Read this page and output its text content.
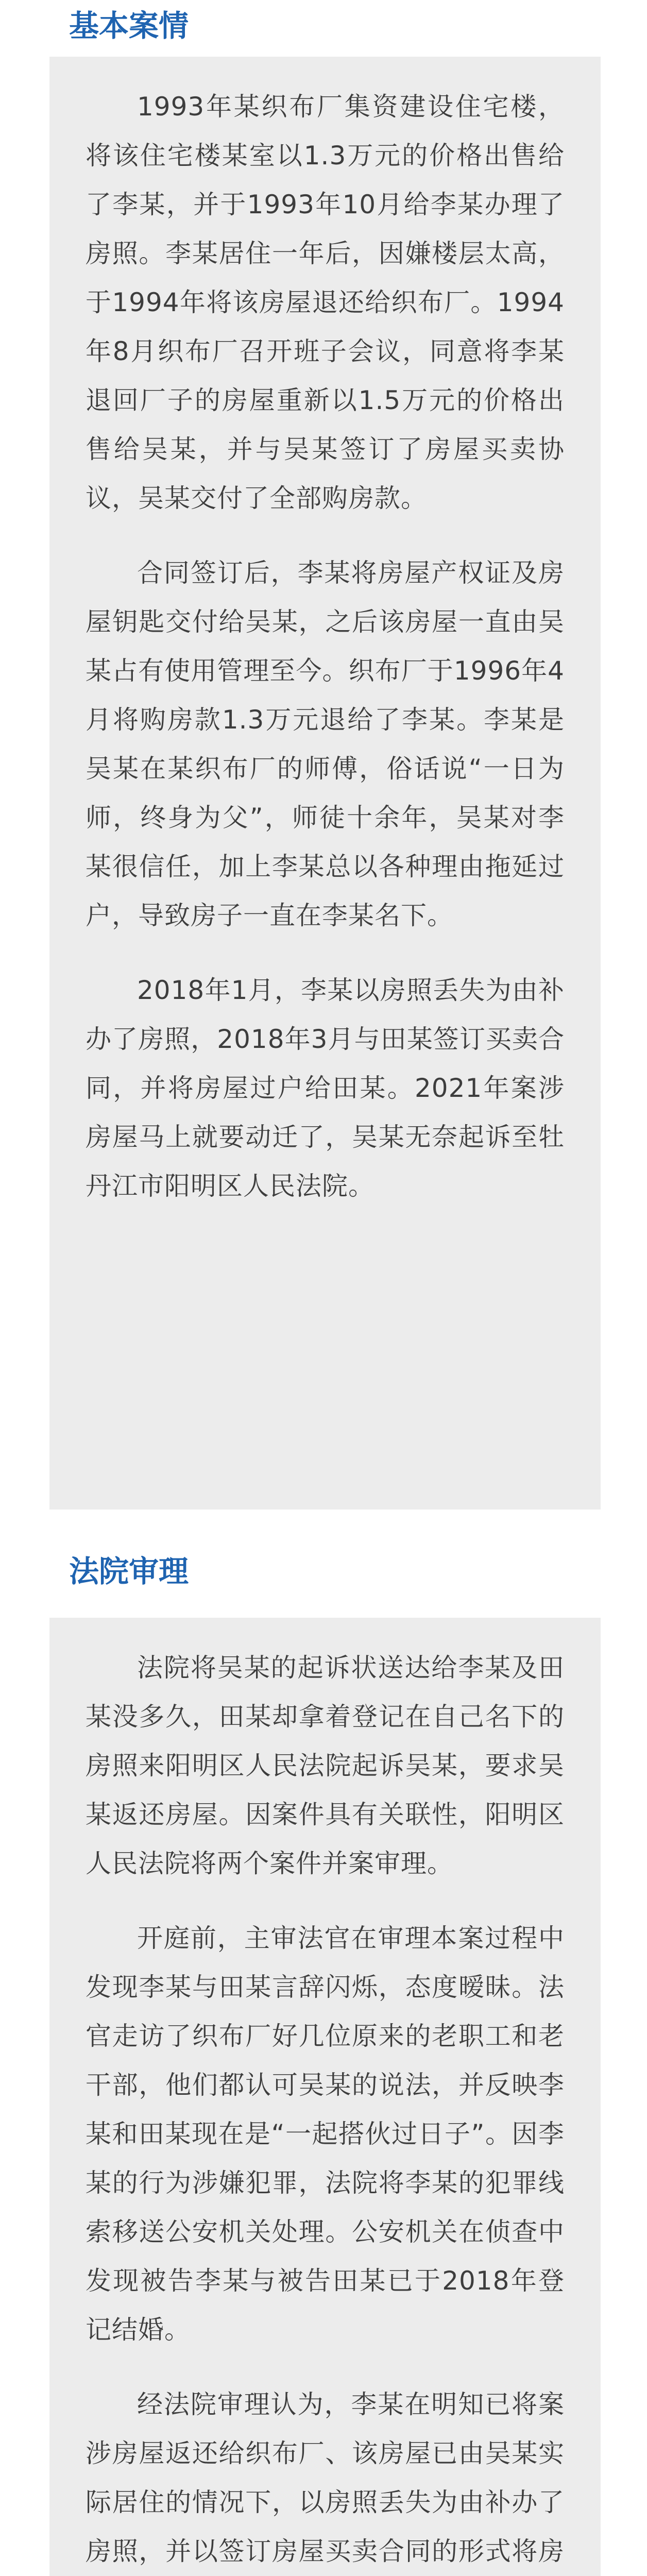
基本案情

1993年某织布厂集资建设住宅楼，将该住宅楼某室以1.3万元的价格出售给了李某，并于1993年10月给李某办理了房照。李某居住一年后，因嫌楼层太高，于1994年将该房屋退还给织布厂。1994年8月织布厂召开班子会议，同意将李某退回厂子的房屋重新以1.5万元的价格出售给吴某，并与吴某签订了房屋买卖协议，吴某交付了全部购房款。

合同签订后，李某将房屋产权证及房屋钥匙交付给吴某，之后该房屋一直由吴某占有使用管理至今。织布厂于1996年4月将购房款1.3万元退给了李某。李某是吴某在某织布厂的师傅，俗话说“一日为师，终身为父”，师徒十余年，吴某对李某很信任，加上李某总以各种理由拖延过户，导致房子一直在李某名下。

2018年1月，李某以房照丢失为由补办了房照，2018年3月与田某签订买卖合同，并将房屋过户给田某。2021年案涉房屋马上就要动迁了，吴某无奈起诉至牡丹江市阳明区人民法院。

法院审理

法院将吴某的起诉状送达给李某及田某没多久，田某却拿着登记在自己名下的房照来阳明区人民法院起诉吴某，要求吴某返还房屋。因案件具有关联性，阳明区人民法院将两个案件并案审理。

开庭前，主审法官在审理本案过程中发现李某与田某言辞闪烁，态度暧昧。法官走访了织布厂好几位原来的老职工和老干部，他们都认可吴某的说法，并反映李某和田某现在是“一起搭伙过日子”。因李某的行为涉嫌犯罪，法院将李某的犯罪线索移送公安机关处理。公安机关在侦查中发现被告李某与被告田某已于2018年登记结婚。

经法院审理认为，李某在明知已将案涉房屋返还给织布厂、该房屋已由吴某实际居住的情况下，以房照丢失为由补办了房照，并以签订房屋买卖合同的形式将房
